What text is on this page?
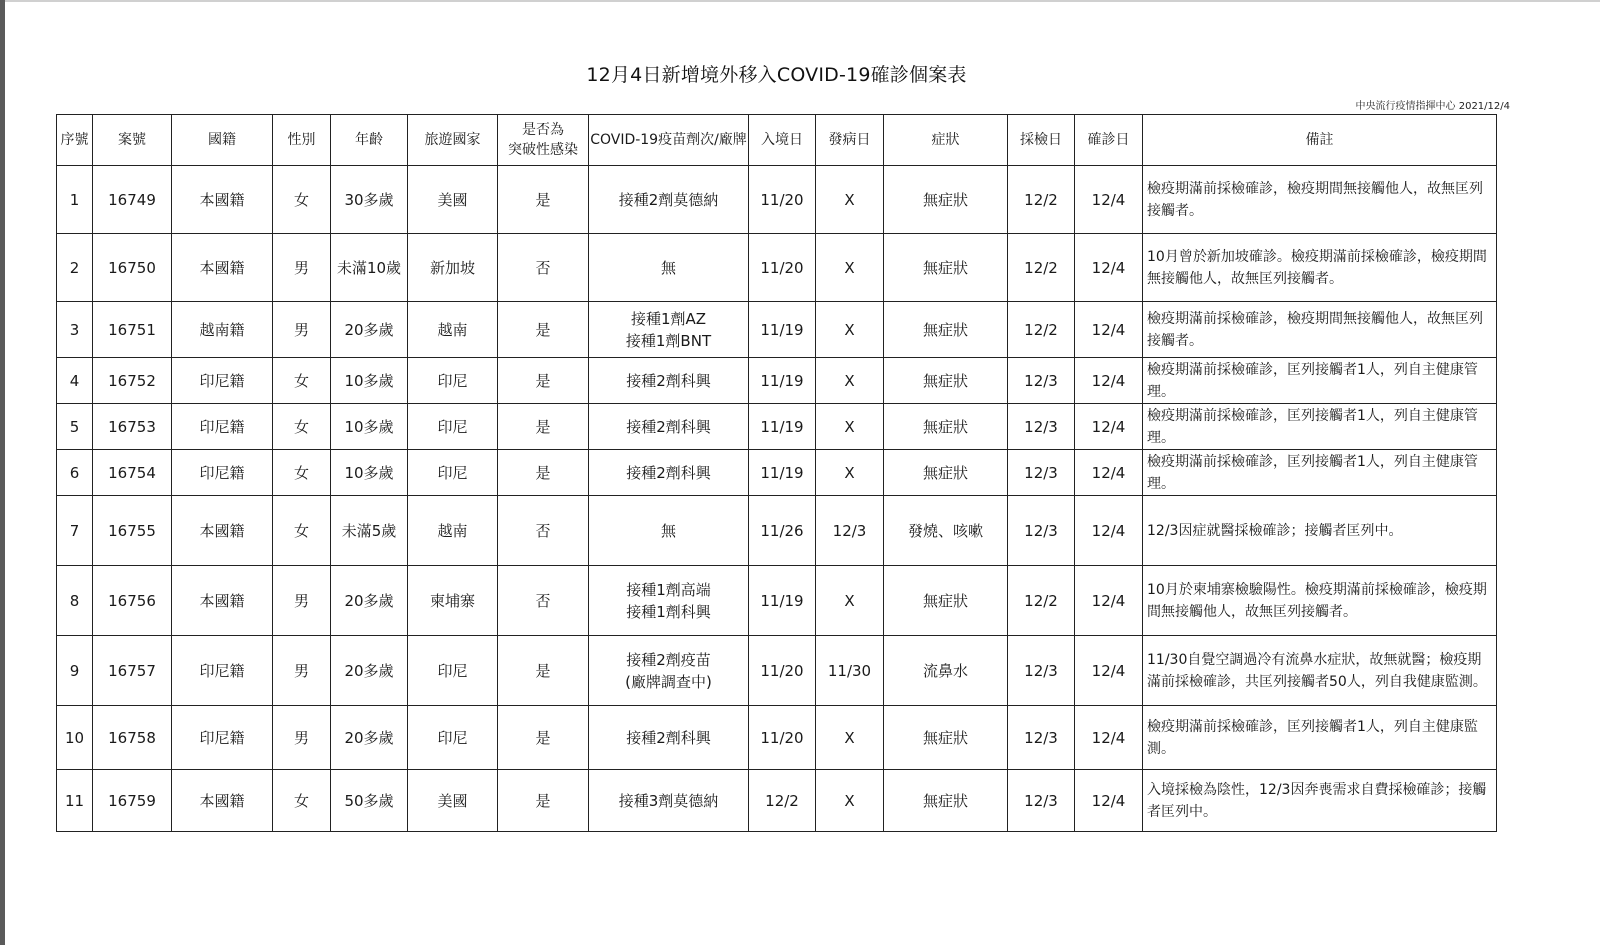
12月4日新增境外移入COVID-19確診個案表
中央流行疫情指揮中心 2021/12/4
序號	案號	國籍	性別	年齡	旅遊國家	是否為
突破性感染	COVID-19疫苗劑次/廠牌	入境日	發病日	症狀	採檢日	確診日	備註
1	16749	本國籍	女	30多歲	美國	是	接種2劑莫德納	11/20	X	無症狀	12/2	12/4	檢疫期滿前採檢確診，檢疫期間無接觸他人，故無匡列接觸者。
2	16750	本國籍	男	未滿10歲	新加坡	否	無	11/20	X	無症狀	12/2	12/4	10月曾於新加坡確診。檢疫期滿前採檢確診，檢疫期間無接觸他人，故無匡列接觸者。
3	16751	越南籍	男	20多歲	越南	是	接種1劑AZ
接種1劑BNT	11/19	X	無症狀	12/2	12/4	檢疫期滿前採檢確診，檢疫期間無接觸他人，故無匡列接觸者。
4	16752	印尼籍	女	10多歲	印尼	是	接種2劑科興	11/19	X	無症狀	12/3	12/4	檢疫期滿前採檢確診，匡列接觸者1人，列自主健康管理。
5	16753	印尼籍	女	10多歲	印尼	是	接種2劑科興	11/19	X	無症狀	12/3	12/4	檢疫期滿前採檢確診，匡列接觸者1人，列自主健康管理。
6	16754	印尼籍	女	10多歲	印尼	是	接種2劑科興	11/19	X	無症狀	12/3	12/4	檢疫期滿前採檢確診，匡列接觸者1人，列自主健康管理。
7	16755	本國籍	女	未滿5歲	越南	否	無	11/26	12/3	發燒、咳嗽	12/3	12/4	12/3因症就醫採檢確診；接觸者匡列中。
8	16756	本國籍	男	20多歲	柬埔寨	否	接種1劑高端
接種1劑科興	11/19	X	無症狀	12/2	12/4	10月於柬埔寨檢驗陽性。檢疫期滿前採檢確診，檢疫期間無接觸他人，故無匡列接觸者。
9	16757	印尼籍	男	20多歲	印尼	是	接種2劑疫苗
(廠牌調查中)	11/20	11/30	流鼻水	12/3	12/4	11/30自覺空調過冷有流鼻水症狀，故無就醫；檢疫期滿前採檢確診，共匡列接觸者50人，列自我健康監測。
10	16758	印尼籍	男	20多歲	印尼	是	接種2劑科興	11/20	X	無症狀	12/3	12/4	檢疫期滿前採檢確診，匡列接觸者1人，列自主健康監測。
11	16759	本國籍	女	50多歲	美國	是	接種3劑莫德納	12/2	X	無症狀	12/3	12/4	入境採檢為陰性，12/3因奔喪需求自費採檢確診；接觸者匡列中。
